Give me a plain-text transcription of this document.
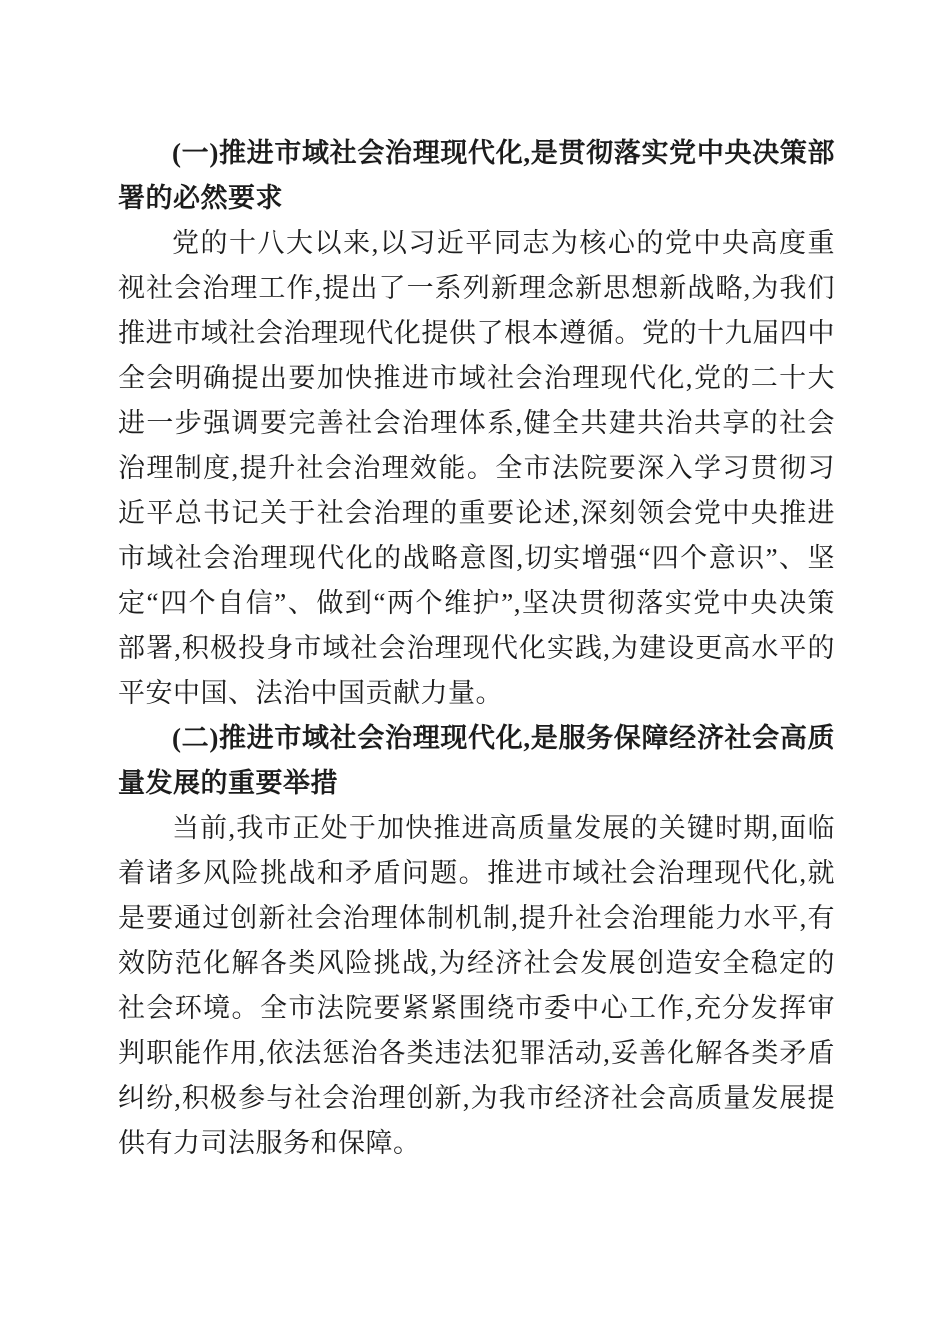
(一)推进市域社会治理现代化,是贯彻落实党中央决策部署的必然要求

党的十八大以来,以习近平同志为核心的党中央高度重视社会治理工作,提出了一系列新理念新思想新战略,为我们推进市域社会治理现代化提供了根本遵循。党的十九届四中全会明确提出要加快推进市域社会治理现代化,党的二十大进一步强调要完善社会治理体系,健全共建共治共享的社会治理制度,提升社会治理效能。全市法院要深入学习贯彻习近平总书记关于社会治理的重要论述,深刻领会党中央推进市域社会治理现代化的战略意图,切实增强“四个意识”、坚定“四个自信”、做到“两个维护”,坚决贯彻落实党中央决策部署,积极投身市域社会治理现代化实践,为建设更高水平的平安中国、法治中国贡献力量。

(二)推进市域社会治理现代化,是服务保障经济社会高质量发展的重要举措

当前,我市正处于加快推进高质量发展的关键时期,面临着诸多风险挑战和矛盾问题。推进市域社会治理现代化,就是要通过创新社会治理体制机制,提升社会治理能力水平,有效防范化解各类风险挑战,为经济社会发展创造安全稳定的社会环境。全市法院要紧紧围绕市委中心工作,充分发挥审判职能作用,依法惩治各类违法犯罪活动,妥善化解各类矛盾纠纷,积极参与社会治理创新,为我市经济社会高质量发展提供有力司法服务和保障。
